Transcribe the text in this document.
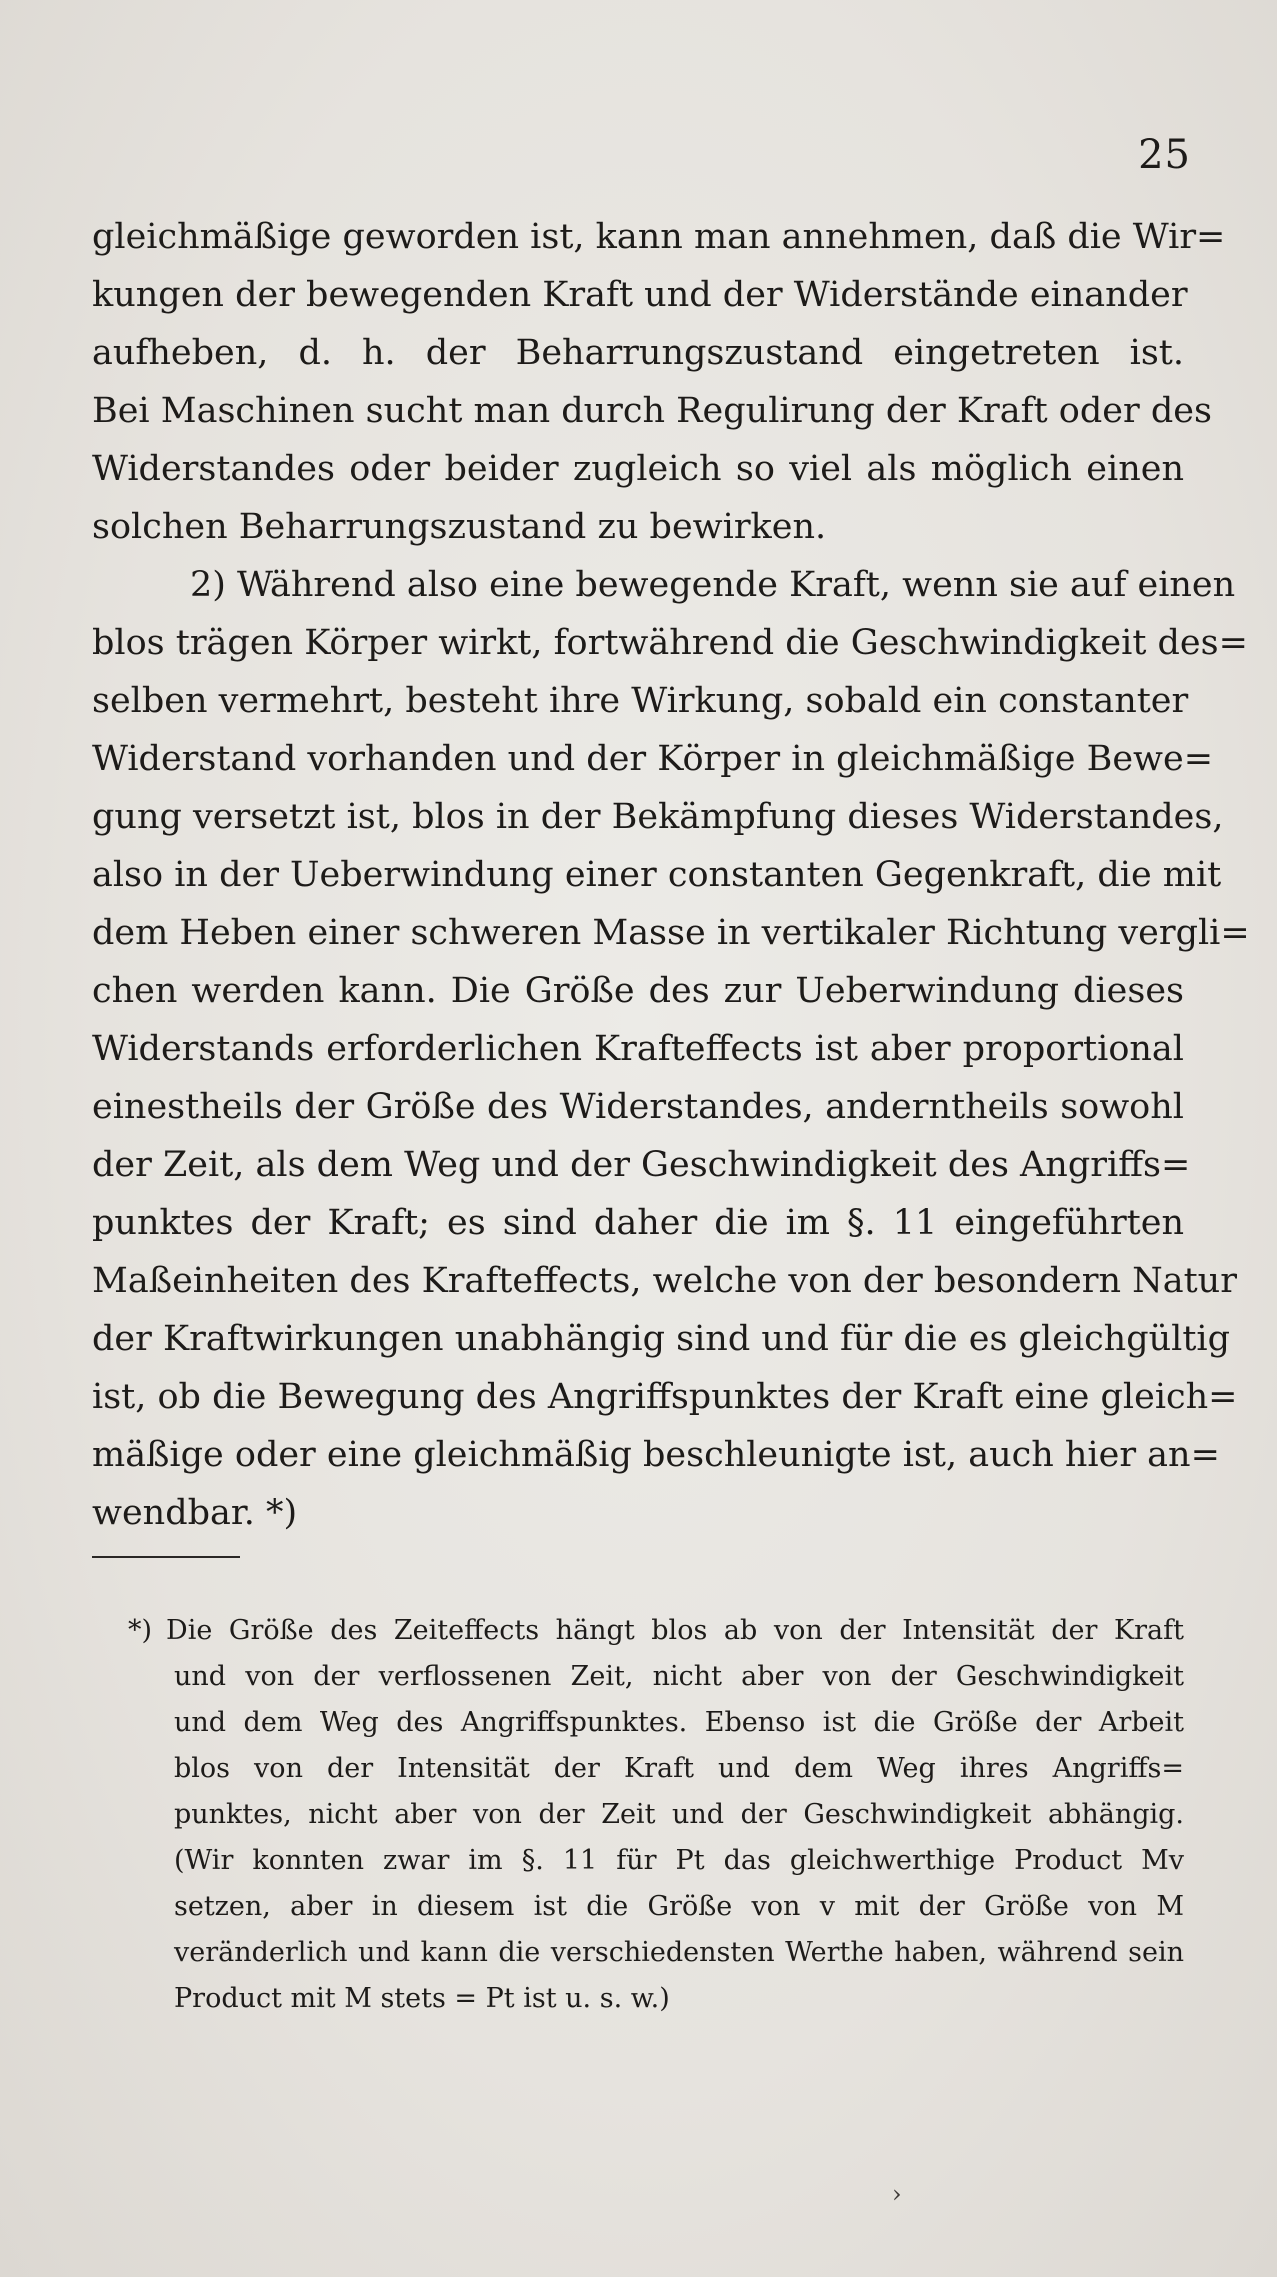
25
gleichmäßige geworden ist, kann man annehmen, daß die Wir=
kungen der bewegenden Kraft und der Widerstände einander
aufheben, d. h. der Beharrungszustand eingetreten ist.
Bei Maschinen sucht man durch Regulirung der Kraft oder des
Widerstandes oder beider zugleich so viel als möglich einen
solchen Beharrungszustand zu bewirken.
2) Während also eine bewegende Kraft, wenn sie auf einen
blos trägen Körper wirkt, fortwährend die Geschwindigkeit des=
selben vermehrt, besteht ihre Wirkung, sobald ein constanter
Widerstand vorhanden und der Körper in gleichmäßige Bewe=
gung versetzt ist, blos in der Bekämpfung dieses Widerstandes,
also in der Ueberwindung einer constanten Gegenkraft, die mit
dem Heben einer schweren Masse in vertikaler Richtung vergli=
chen werden kann. Die Größe des zur Ueberwindung dieses
Widerstands erforderlichen Krafteffects ist aber proportional
einestheils der Größe des Widerstandes, anderntheils sowohl
der Zeit, als dem Weg und der Geschwindigkeit des Angriffs=
punktes der Kraft; es sind daher die im §. 11 eingeführten
Maßeinheiten des Krafteffects, welche von der besondern Natur
der Kraftwirkungen unabhängig sind und für die es gleichgültig
ist, ob die Bewegung des Angriffspunktes der Kraft eine gleich=
mäßige oder eine gleichmäßig beschleunigte ist, auch hier an=
wendbar. *)
*) Die Größe des Zeiteffects hängt blos ab von der Intensität der Kraft
und von der verflossenen Zeit, nicht aber von der Geschwindigkeit
und dem Weg des Angriffspunktes. Ebenso ist die Größe der Arbeit
blos von der Intensität der Kraft und dem Weg ihres Angriffs=
punktes, nicht aber von der Zeit und der Geschwindigkeit abhängig.
(Wir konnten zwar im §. 11 für Pt das gleichwerthige Product Mv
setzen, aber in diesem ist die Größe von v mit der Größe von M
veränderlich und kann die verschiedensten Werthe haben, während sein
Product mit M stets = Pt ist u. s. w.)
›
